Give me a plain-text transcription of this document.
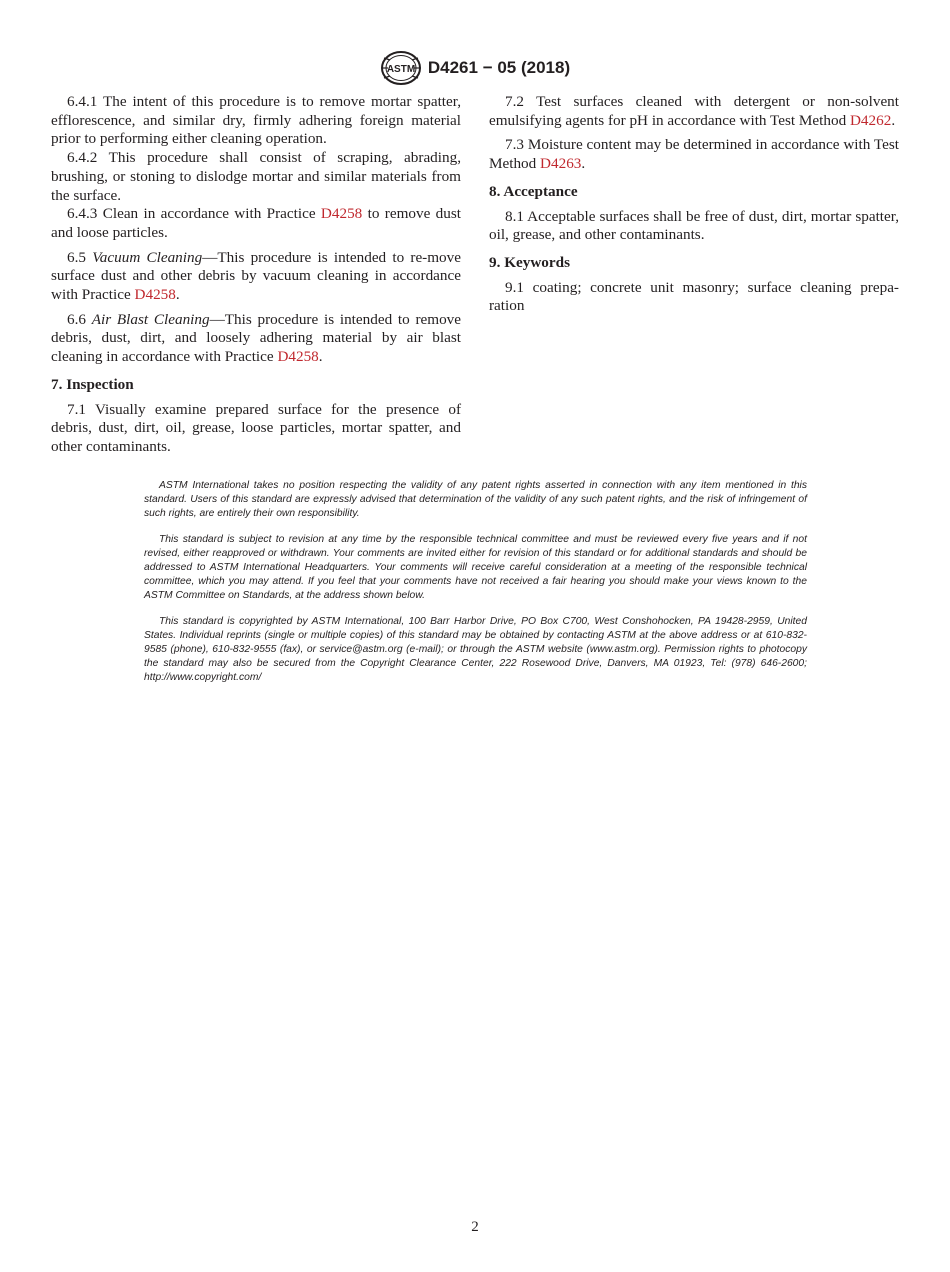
ASTM D4261 − 05 (2018)

6.4.1 The intent of this procedure is to remove mortar spatter, efflorescence, and similar dry, firmly adhering foreign material prior to performing either cleaning operation.

6.4.2 This procedure shall consist of scraping, abrading, brushing, or stoning to dislodge mortar and similar materials from the surface.

6.4.3 Clean in accordance with Practice D4258 to remove dust and loose particles.

6.5 Vacuum Cleaning—This procedure is intended to re-move surface dust and other debris by vacuum cleaning in accordance with Practice D4258.

6.6 Air Blast Cleaning—This procedure is intended to remove debris, dust, dirt, and loosely adhering material by air blast cleaning in accordance with Practice D4258.

7. Inspection

7.1 Visually examine prepared surface for the presence of debris, dust, dirt, oil, grease, loose particles, mortar spatter, and other contaminants.

7.2 Test surfaces cleaned with detergent or non-solvent emulsifying agents for pH in accordance with Test Method D4262.

7.3 Moisture content may be determined in accordance with Test Method D4263.

8. Acceptance

8.1 Acceptable surfaces shall be free of dust, dirt, mortar spatter, oil, grease, and other contaminants.

9. Keywords

9.1 coating; concrete unit masonry; surface cleaning prepa-ration

ASTM International takes no position respecting the validity of any patent rights asserted in connection with any item mentioned in this standard. Users of this standard are expressly advised that determination of the validity of any such patent rights, and the risk of infringement of such rights, are entirely their own responsibility.

This standard is subject to revision at any time by the responsible technical committee and must be reviewed every five years and if not revised, either reapproved or withdrawn. Your comments are invited either for revision of this standard or for additional standards and should be addressed to ASTM International Headquarters. Your comments will receive careful consideration at a meeting of the responsible technical committee, which you may attend. If you feel that your comments have not received a fair hearing you should make your views known to the ASTM Committee on Standards, at the address shown below.

This standard is copyrighted by ASTM International, 100 Barr Harbor Drive, PO Box C700, West Conshohocken, PA 19428-2959, United States. Individual reprints (single or multiple copies) of this standard may be obtained by contacting ASTM at the above address or at 610-832-9585 (phone), 610-832-9555 (fax), or service@astm.org (e-mail); or through the ASTM website (www.astm.org). Permission rights to photocopy the standard may also be secured from the Copyright Clearance Center, 222 Rosewood Drive, Danvers, MA 01923, Tel: (978) 646-2600; http://www.copyright.com/

2
